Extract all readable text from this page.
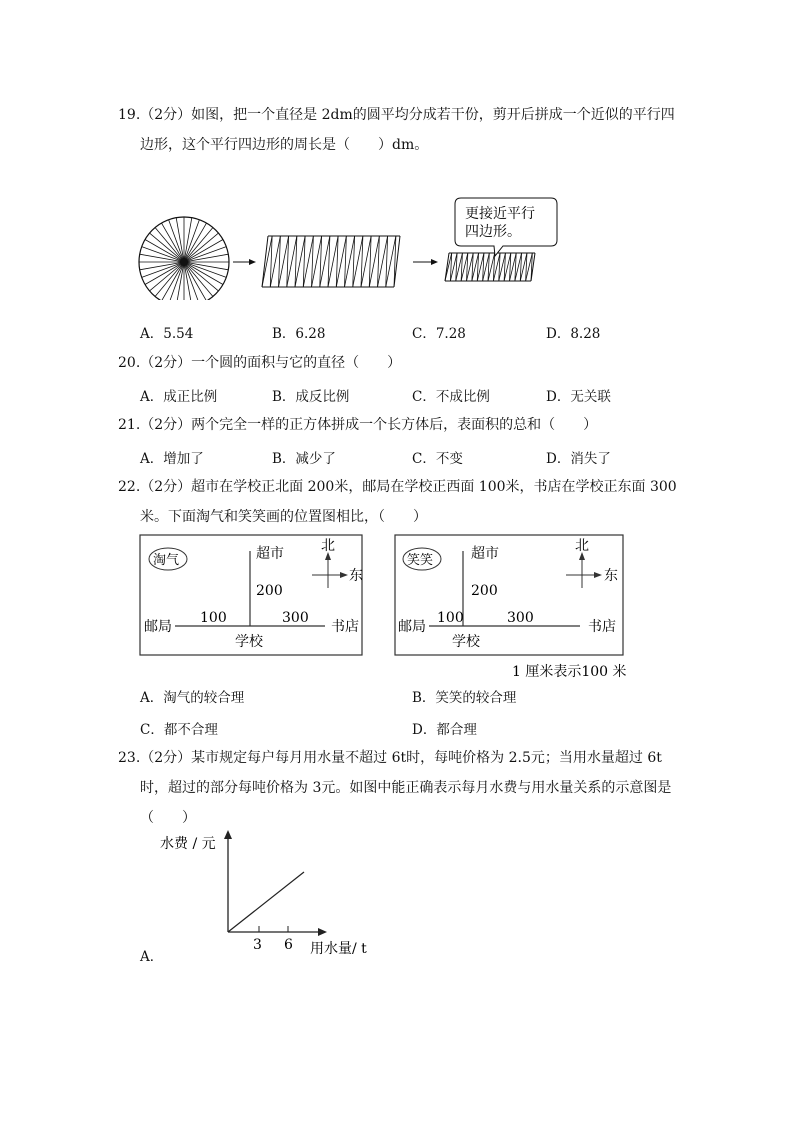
19.（2分）如图，把一个直径是 2dm的圆平均分成若干份，剪开后拼成一个近似的平行四
边形，这个平行四边形的周长是（　　）dm。
更接近平行
四边形。
A．5.54	B．6.28	C．7.28	D．8.28
20.（2分）一个圆的面积与它的直径（　　）
A．成正比例	B．成反比例	C．不成比例	D．无关联
21.（2分）两个完全一样的正方体拼成一个长方体后，表面积的总和（　　）
A．增加了	B．减少了	C．不变	D．消失了
22.（2分）超市在学校正北面 200米，邮局在学校正西面 100米，书店在学校正东面 300
米。下面淘气和笑笑画的位置图相比，（　　）
淘气	超市
200
邮局
100	300
书店
学校
北
东
笑笑	超市
200
邮局
100	300
书店
学校
北
东
1 厘米表示100 米
A．淘气的较合理	B．笑笑的较合理
C．都不合理	D．都合理
23.（2分）某市规定每户每月用水量不超过 6t时，每吨价格为 2.5元；当用水量超过 6t
时，超过的部分每吨价格为 3元。如图中能正确表示每月水费与用水量关系的示意图是
（　　）
水费 / 元
3 6 用水量/ t
A．
